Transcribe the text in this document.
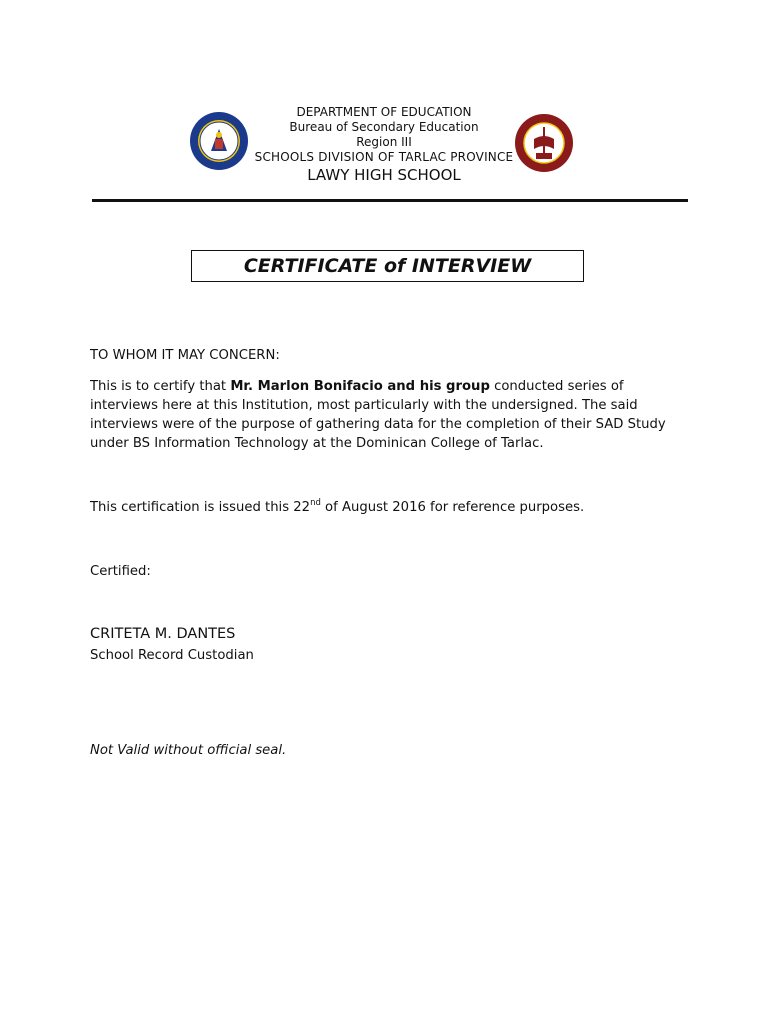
DEPARTMENT OF EDUCATION
Bureau of Secondary Education
Region III
SCHOOLS DIVISION OF TARLAC PROVINCE
LAWY HIGH SCHOOL
CERTIFICATE of INTERVIEW
TO WHOM IT MAY CONCERN:
This is to certify that Mr. Marlon Bonifacio and his group conducted series of interviews here at this Institution, most particularly with the undersigned. The said interviews were of the purpose of gathering data for the completion of their SAD Study under BS Information Technology at the Dominican College of Tarlac.
This certification is issued this 22nd of August 2016 for reference purposes.
Certified:
CRITETA M. DANTES
School Record Custodian
Not Valid without official seal.
